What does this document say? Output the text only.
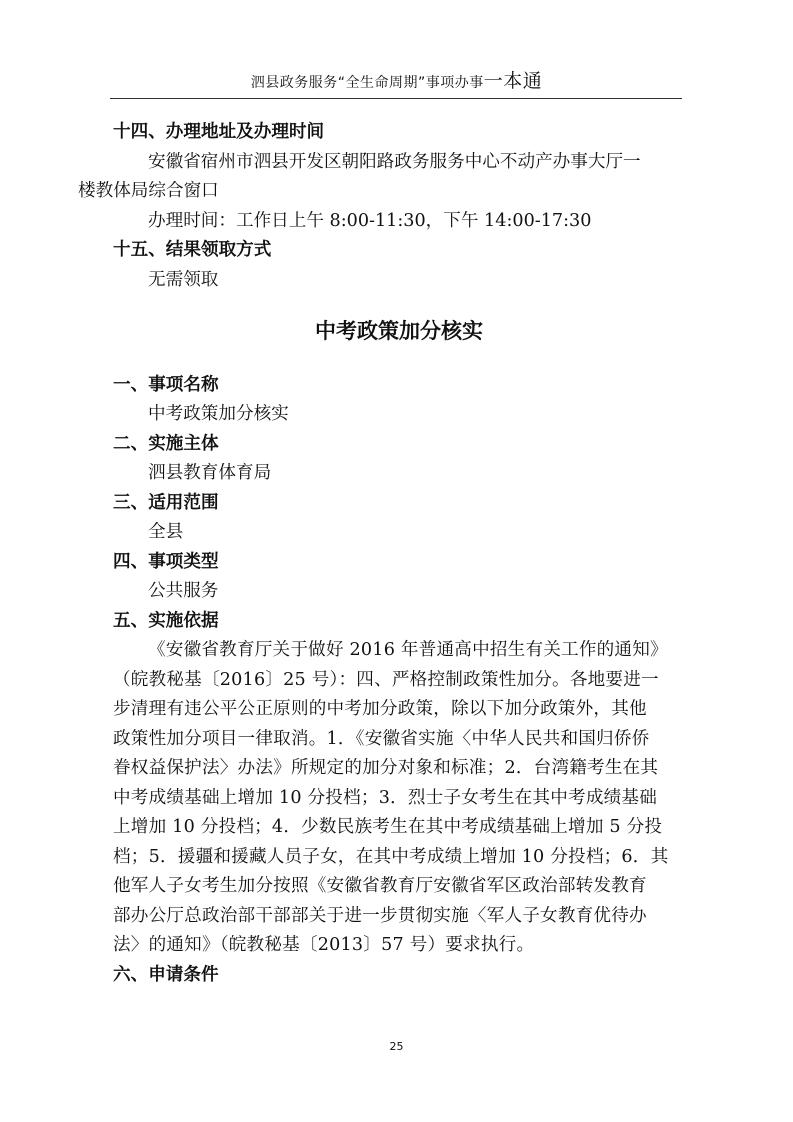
泗县政务服务“全生命周期”事项办事一本通
十四、办理地址及办理时间
安徽省宿州市泗县开发区朝阳路政务服务中心不动产办事大厅一
楼教体局综合窗口
办理时间：工作日上午 8:00-11:30，下午 14:00-17:30
十五、结果领取方式
无需领取
中考政策加分核实
一、事项名称
中考政策加分核实
二、实施主体
泗县教育体育局
三、适用范围
全县
四、事项类型
公共服务
五、实施依据
《安徽省教育厅关于做好 2016 年普通高中招生有关工作的通知》
（皖教秘基〔2016〕25 号）：四、严格控制政策性加分。各地要进一
步清理有违公平公正原则的中考加分政策，除以下加分政策外，其他
政策性加分项目一律取消。1．《安徽省实施〈中华人民共和国归侨侨
眷权益保护法〉办法》所规定的加分对象和标准；2．台湾籍考生在其
中考成绩基础上增加 10 分投档；3．烈士子女考生在其中考成绩基础
上增加 10 分投档；4．少数民族考生在其中考成绩基础上增加 5 分投
档；5．援疆和援藏人员子女，在其中考成绩上增加 10 分投档；6．其
他军人子女考生加分按照《安徽省教育厅安徽省军区政治部转发教育
部办公厅总政治部干部部关于进一步贯彻实施〈军人子女教育优待办
法〉的通知》（皖教秘基〔2013〕57 号）要求执行。
六、申请条件
25
